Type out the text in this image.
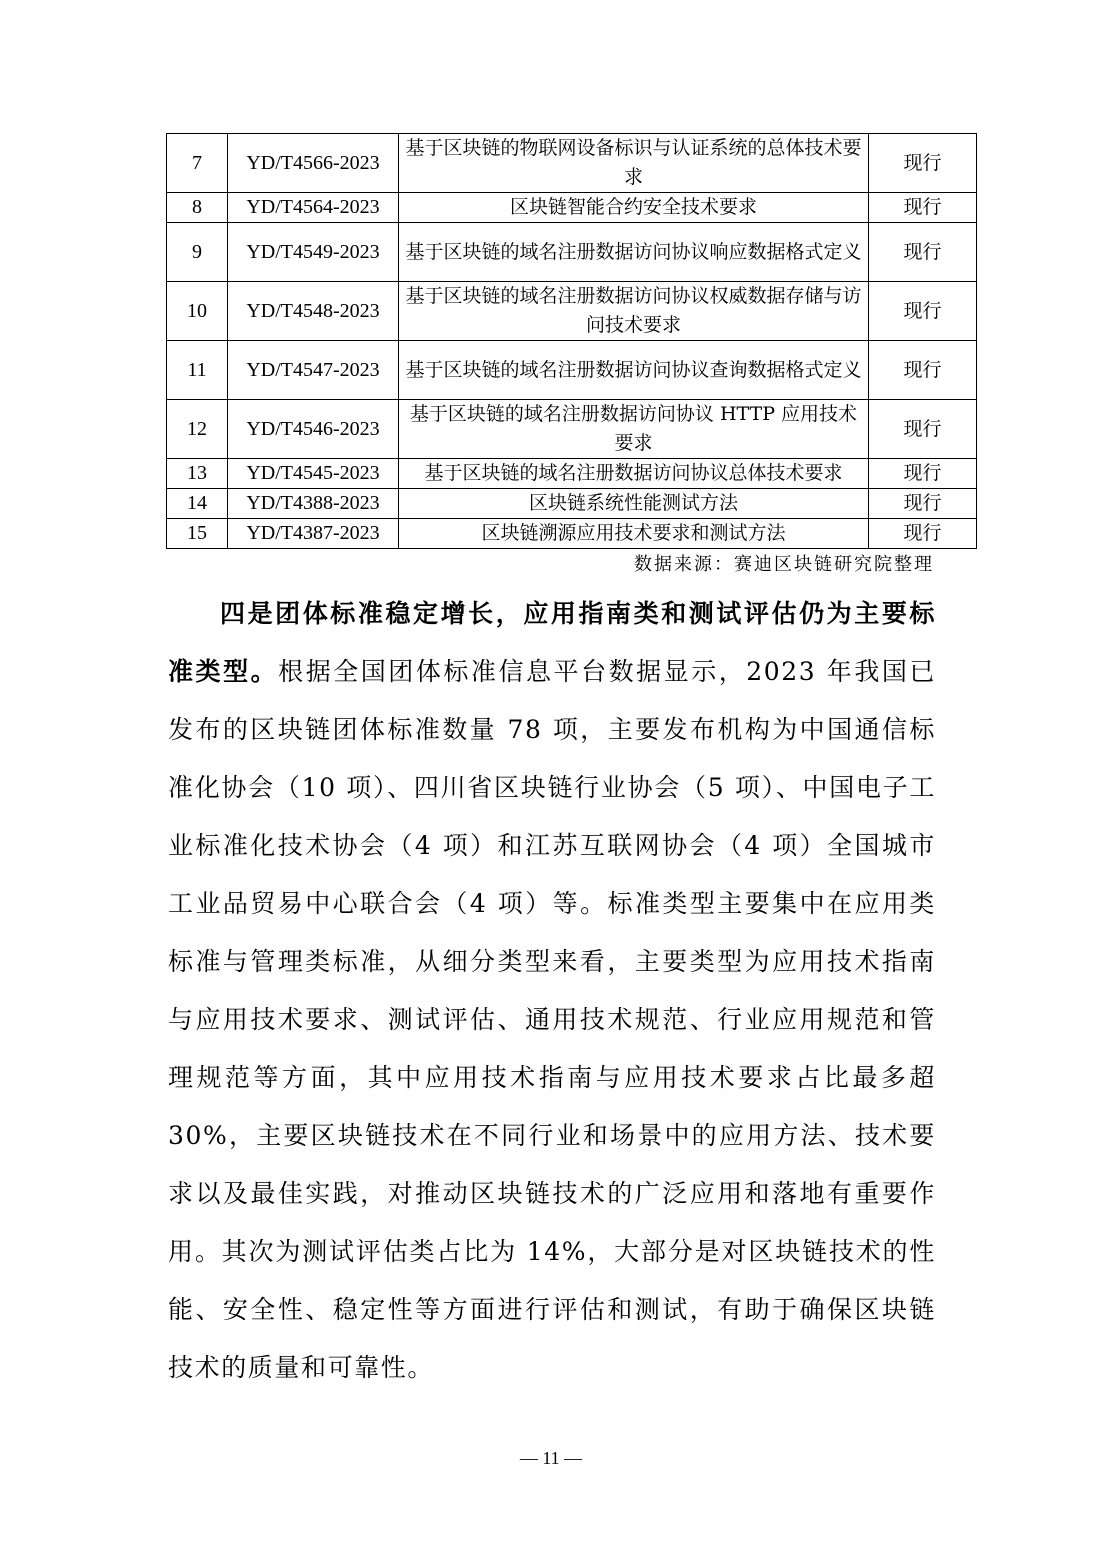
7	YD/T4566-2023	基于区块链的物联网设备标识与认证系统的总体技术要求	现行
8	YD/T4564-2023	区块链智能合约安全技术要求	现行
9	YD/T4549-2023	基于区块链的域名注册数据访问协议响应数据格式定义	现行
10	YD/T4548-2023	基于区块链的域名注册数据访问协议权威数据存储与访问技术要求	现行
11	YD/T4547-2023	基于区块链的域名注册数据访问协议查询数据格式定义	现行
12	YD/T4546-2023	基于区块链的域名注册数据访问协议 HTTP 应用技术要求	现行
13	YD/T4545-2023	基于区块链的域名注册数据访问协议总体技术要求	现行
14	YD/T4388-2023	区块链系统性能测试方法	现行
15	YD/T4387-2023	区块链溯源应用技术要求和测试方法	现行
数据来源：赛迪区块链研究院整理

四是团体标准稳定增长，应用指南类和测试评估仍为主要标准类型。根据全国团体标准信息平台数据显示，2023 年我国已发布的区块链团体标准数量 78 项，主要发布机构为中国通信标准化协会（10 项）、四川省区块链行业协会（5 项）、中国电子工业标准化技术协会（4 项）和江苏互联网协会（4 项）全国城市工业品贸易中心联合会（4 项）等。标准类型主要集中在应用类标准与管理类标准，从细分类型来看，主要类型为应用技术指南与应用技术要求、测试评估、通用技术规范、行业应用规范和管理规范等方面，其中应用技术指南与应用技术要求占比最多超 30%，主要区块链技术在不同行业和场景中的应用方法、技术要求以及最佳实践，对推动区块链技术的广泛应用和落地有重要作用。其次为测试评估类占比为 14%，大部分是对区块链技术的性能、安全性、稳定性等方面进行评估和测试，有助于确保区块链技术的质量和可靠性。

— 11 —
